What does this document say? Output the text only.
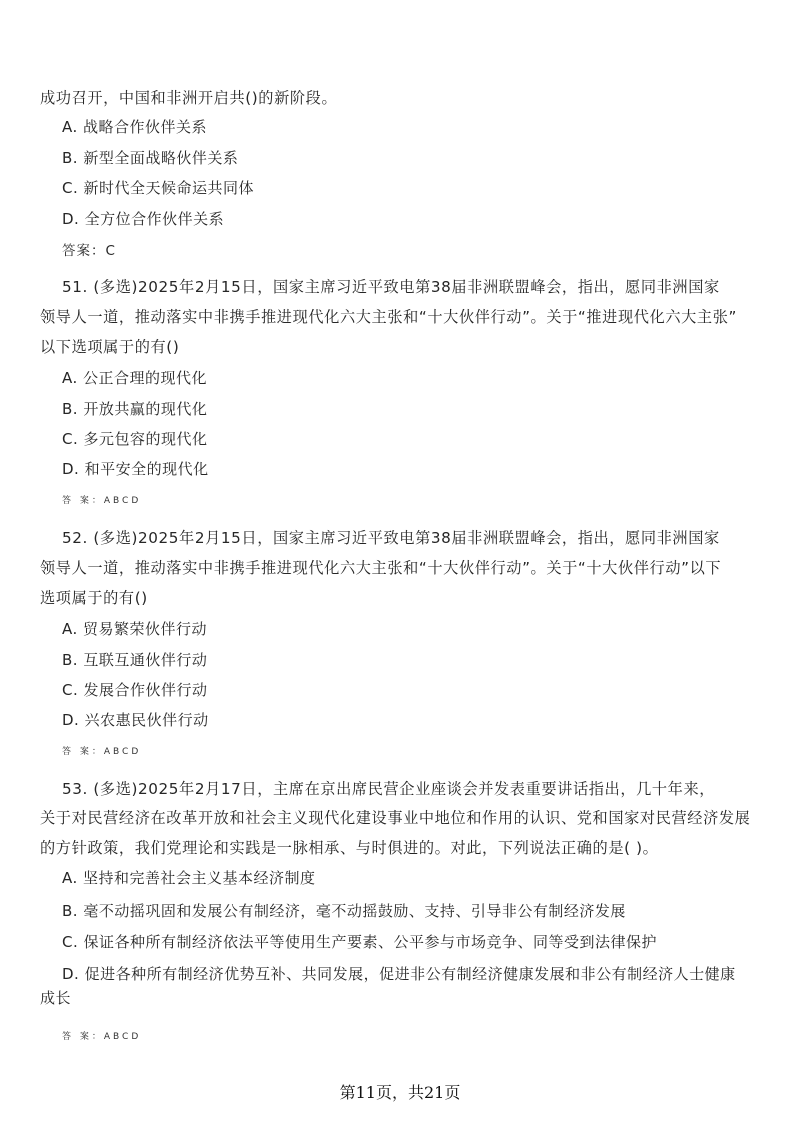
成功召开，中国和非洲开启共()的新阶段。
A. 战略合作伙伴关系
B. 新型全面战略伙伴关系
C. 新时代全天候命运共同体
D. 全方位合作伙伴关系
答案：C
51. (多选)2025年2月15日，国家主席习近平致电第38届非洲联盟峰会，指出，愿同非洲国家
领导人一道，推动落实中非携手推进现代化六大主张和“十大伙伴行动”。关于“推进现代化六大主张”
以下选项属于的有()
A. 公正合理的现代化
B. 开放共赢的现代化
C. 多元包容的现代化
D. 和平安全的现代化
答 案：ABCD
52. (多选)2025年2月15日，国家主席习近平致电第38届非洲联盟峰会，指出，愿同非洲国家
领导人一道，推动落实中非携手推进现代化六大主张和“十大伙伴行动”。关于“十大伙伴行动”以下
选项属于的有()
A. 贸易繁荣伙伴行动
B. 互联互通伙伴行动
C. 发展合作伙伴行动
D. 兴农惠民伙伴行动
答 案：ABCD
53. (多选)2025年2月17日，主席在京出席民营企业座谈会并发表重要讲话指出，几十年来，
关于对民营经济在改革开放和社会主义现代化建设事业中地位和作用的认识、党和国家对民营经济发展
的方针政策，我们党理论和实践是一脉相承、与时俱进的。对此，下列说法正确的是( )。
A. 坚持和完善社会主义基本经济制度
B. 毫不动摇巩固和发展公有制经济，毫不动摇鼓励、支持、引导非公有制经济发展
C. 保证各种所有制经济依法平等使用生产要素、公平参与市场竞争、同等受到法律保护
D. 促进各种所有制经济优势互补、共同发展，促进非公有制经济健康发展和非公有制经济人士健康
成长
答 案：ABCD
第11页，共21页
